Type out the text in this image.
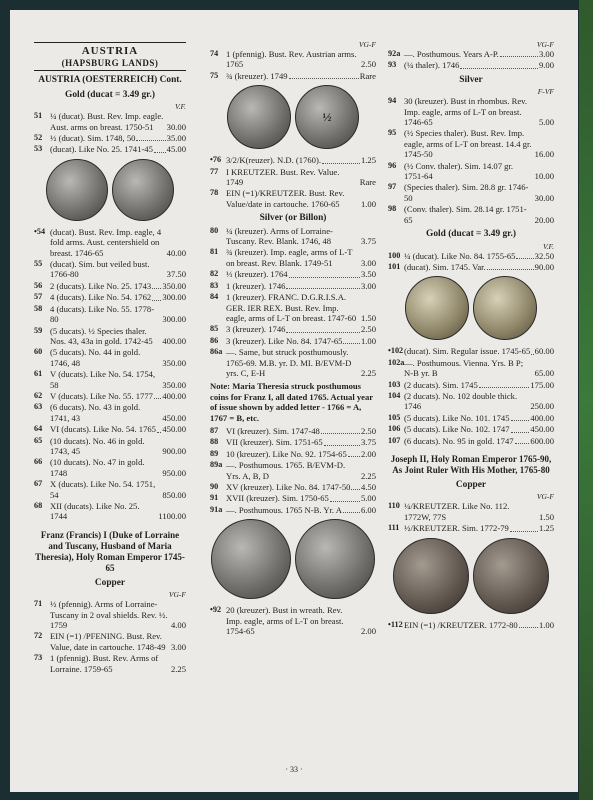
AUSTRIA
(HAPSBURG LANDS)
AUSTRIA (OESTERREICH) Cont.
Gold (ducat = 3.49 gr.)
V.F.
51 ¼ (ducat). Bust. Rev. Imp. eagle. Aust. arms on breast. 1750-51	30.00
52 ½ (ducat). Sim. 1748, 50	35.00
53 (ducat). Like No. 25. 1741-45 45.00
•54 (ducat). Bust. Rev. Imp. eagle, 4 fold arms. Aust. centershield on breast. 1746-65	40.00
55 (ducat). Sim. but veiled bust. 1766-80	37.50
56 2 (ducats). Like No. 25. 1743 350.00
57 4 (ducats). Like No. 54. 1762 300.00
58 4 (ducats). Like No. 55. 1778-80	300.00
59 (5 ducats). ½ Species thaler. Nos. 43, 43a in gold. 1742-45	400.00
60 (5 ducats). No. 44 in gold. 1746, 48	350.00
61 V (ducats). Like No. 54. 1754, 58	350.00
62 V (ducats). Like No. 55. 1777 400.00
63 (6 ducats). No. 43 in gold. 1741, 43	450.00
64 VI (ducats). Like No. 54. 1765 450.00
65 (10 ducats). No. 46 in gold. 1743, 45	900.00
66 (10 ducats). No. 47 in gold. 1748	950.00
67 X (ducats). Like No. 54. 1751, 54	850.00
68 XII (ducats). Like No. 25. 1744	1100.00
Franz (Francis) I (Duke of Lorraine and Tuscany, Husband of Maria Theresia), Holy Roman Emperor 1745-65
Copper
VG-F
71 ½ (pfennig). Arms of Lorraine-Tuscany in 2 oval shields. Rev. ½. 1759	4.00
72 EIN (=1) /PFENING. Bust. Rev. Value, date in cartouche. 1748-49 3.00
73 1 (pfennig). Bust. Rev. Arms of Lorraine. 1759-65	2.25
VG-F
74 1 (pfennig). Bust. Rev. Austrian arms. 1765	2.50
75 ¾ (kreuzer). 1749	Rare
½
•76 3/2/K(reuzer). N.D. (1760).	1.25
77 I KREUTZER. Bust. Rev. Value. 1749	Rare
78 EIN (=1)/KREUTZER. Bust. Rev. Value/date in cartouche. 1760-65	1.00
Silver (or Billon)
80 ¼ (kreuzer). Arms of Lorraine-Tuscany. Rev. Blank. 1746, 48	3.75
81 ¾ (kreuzer). Imp. eagle, arms of L-T on breast. Rev. Blank. 1749-51	3.00
82 ⅓ (kreuzer). 1764	3.50
83 1 (kreuzer). 1746	3.00
84 1 (kreuzer). FRANC. D.G.R.I.S.A. GER. IER REX. Bust. Rev. Imp. eagle, arms of L-T on breast. 1747-60 1.50
85 3 (kreuzer). 1746	2.50
86 3 (kreuzer). Like No. 84. 1747-65 1.00
86a —. Same, but struck posthumously. 1765-69. M.B. yr. D. MI. B/EVM-D yrs. C, E-H	2.25
Note: Maria Theresia struck posthumous coins for Franz I, all dated 1765. Actual year of issue shown by added letter - 1766 = A, 1767 = B, etc.
87 VI (kreuzer). Sim. 1747-48	2.50
88 VII (kreuzer). Sim. 1751-65	3.75
89 10 (kreuzer). Like No. 92. 1754-65 2.00
89a —. Posthumous. 1765. B/EVM-D. Yrs. A, B, D	2.25
90 XV (kreuzer). Like No. 84. 1747-50 4.50
91 XVII (kreuzer). Sim. 1750-65	5.00
91a —. Posthumous. 1765 N-B. Yr. A 6.00
•92 20 (kreuzer). Bust in wreath. Rev. Imp. eagle, arms of L-T on breast. 1754-65	2.00
VG-F
92a —. Posthumous. Years A-P.	3.00
93 (¼ thaler). 1746	9.00
Silver
F-VF
94 30 (kreuzer). Bust in rhombus. Rev. Imp. eagle, arms of L-T on breast. 1746-65	5.00
95 (½ Species thaler). Bust. Rev. Imp. eagle, arms of L-T on breast. 14.4 gr. 1745-50	16.00
96 (½ Conv. thaler). Sim. 14.07 gr. 1751-64	10.00
97 (Species thaler). Sim. 28.8 gr. 1746-50	30.00
98 (Conv. thaler). Sim. 28.14 gr. 1751-65	20.00
Gold (ducat = 3.49 gr.)
V.F.
100 ¼ (ducat). Like No. 84. 1755-65 32.50
101 (ducat). Sim. 1745. Var.	90.00
•102 (ducat). Sim. Regular issue. 1745-65 60.00
102a —. Posthumous. Vienna. Yrs. B P; N-B yr. B	65.00
103 (2 ducats). Sim. 1745	175.00
104 (2 ducats). No. 102 double thick. 1746	250.00
105 (5 ducats). Like No. 101. 1745 400.00
106 (5 ducats). Like No. 102. 1747 450.00
107 (6 ducats). No. 95 in gold. 1747 600.00
Joseph II, Holy Roman Emperor 1765-90, As Joint Ruler With His Mother, 1765-80
Copper
VG-F
110 ¼/KREUTZER. Like No. 112. 1772W, 77S	1.50
111 ½/KREUTZER. Sim. 1772-79	1.25
•112 EIN (=1) /KREUTZER. 1772-80 1.00
· 33 ·
